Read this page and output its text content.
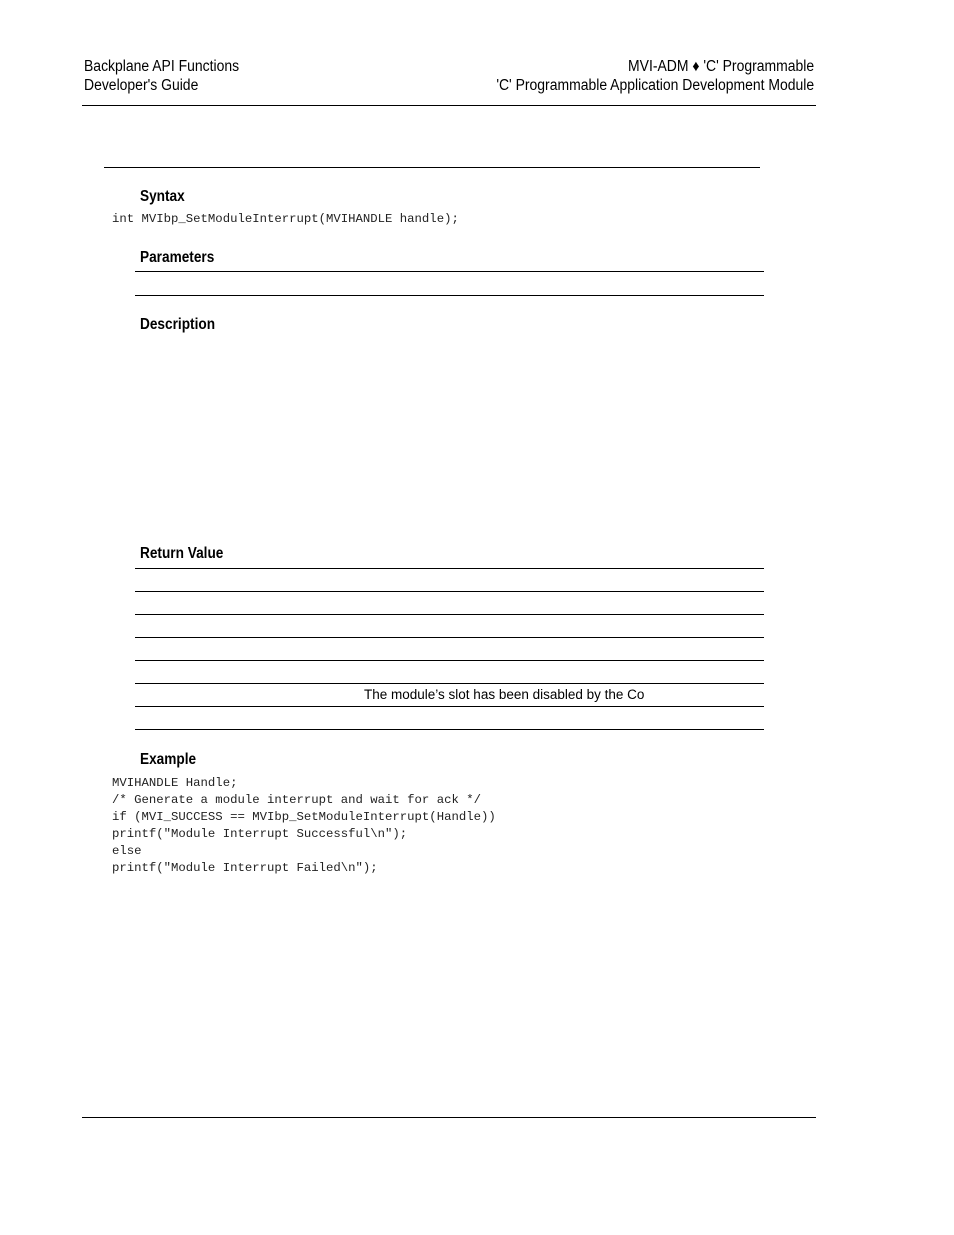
Backplane API Functions
Developer's Guide
MVI-ADM ♦ 'C' Programmable
'C' Programmable Application Development Module
Syntax
int MVIbp_SetModuleInterrupt(MVIHANDLE handle);
Parameters
Description
Return Value
The module’s slot has been disabled by the Co
Example
MVIHANDLE Handle;
/* Generate a module interrupt and wait for ack */
if (MVI_SUCCESS == MVIbp_SetModuleInterrupt(Handle))
printf("Module Interrupt Successful\n");
else
printf("Module Interrupt Failed\n");
